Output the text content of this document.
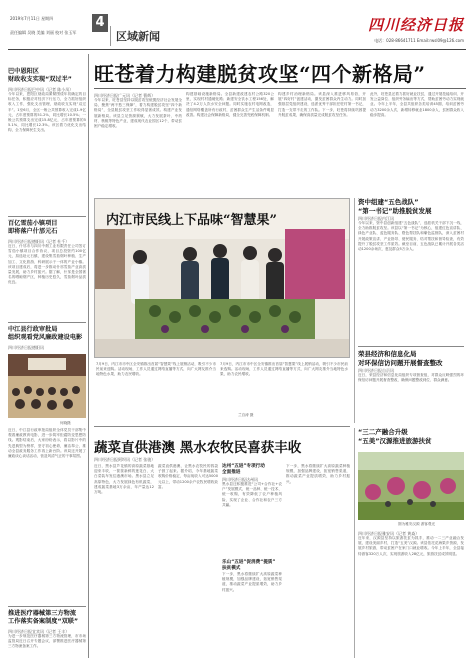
2019年7月11日 星期四
责任编辑 吴晓 美编 刘丽 校对 张玉军
4
区域新闻
四川经济日报
电话：028-86641711 Email:rwsl09@126.com
巴中恩阳区
财政收支实现“双过半”
四川经济日报巴中讯（记者 陈小凤）
今年以来，恩阳区财政局紧紧围绕年初确定的目标任务，积极应对经济下行压力，全力抓好组织收入工作，强化支出管理，财政收支实现“双过半”。1至6月，全区一般公共预算收入完成1.9亿元，占年度预算的51.2%，同比增长10.5%；一般公共预算支出完成15.8亿元，占年度预算的55.1%，同比增长12.3%。该区着力优化支出结构，全力保障民生支出。
百亿雪茄小镇项目
即将落户什邡元石
四川经济日报德阳讯（记者 杜千）
近日，什邡市与四川中烟工业有限责任公司签订雪茄小镇项目合作协议，项目总投资约100亿元，拟选址元石镇，建设集雪茄烟叶种植、生产加工、文化旅游、科研展示于一体的产业小镇。该项目建成后，将进一步推动什邡雪茄产业高质量发展，助力乡村振兴。据了解，什邡是全国著名的晒晾烟产区，种植历史悠久，雪茄烟叶品质优良。
中江县行政审批局
组织观看党风廉政建设电影
四川经济日报德阳讯
何晓摄
近日，中江县行政审批局组织全体党员干部集中观看廉政教育电影，进一步筑牢拒腐防变思想防线。观影结束后，大家纷纷表示，将以影片中的先进典型为榜样，坚守初心使命，廉洁奉公，推动全县政务服务工作再上新台阶。该局还开展了廉政谈心谈话活动，营造风清气正的干事氛围。
推进医疗器械第三方物流
工作落实备案制度“双联”
四川经济日报宜宾讯（记者 王丰）
为进一步规范医疗器械第三方物流管理，市市场监管局近日召开专题会议，部署推进医疗器械第三方物流备案工作。
旺苍着力构建脱贫攻坚“四个新格局”
四川经济日报广元讯（记者 曹辉）
今年以来，旺苍县坚持以脱贫攻坚统揽经济社会发展全局，聚焦“两不愁三保障”，着力构建脱贫攻坚“四个新格局”，全县脱贫攻坚工作取得显著成效。构建产业发展新格局。该县立足资源禀赋，大力发展茶叶、中药材、核桃等特色产业，建成现代农业园区12个，带动贫困户稳定增收。
构建基础设施新格局。全县新建改建农村公路320公里，实现村村通硬化路；新建安全饮水工程156处，解决了4.2万人饮水安全问题。同时实施农村电网改造，通信网络覆盖所有行政村，贫困群众生产生活条件明显改善。构建社会保障新格局，健全完善兜底保障机制。
构建乡村治理新格局。该县深入推进移风易俗，开展“四好村”创建活动，激发贫困群众内生动力。同时加强基层党组织建设，选派优秀干部担任驻村第一书记，打造一支带不走的工作队。下一步，旺苍将持续巩固提升脱贫成果，确保高质量完成脱贫攻坚任务。
此外，旺苍县还着力抓好就业扶贫，通过开展技能培训、开发公益岗位、组织劳务输出等方式，帮助贫困劳动力实现就业。今年上半年，全县共组织各类培训45期，培训贫困劳动力3200余人次，新增转移就业1800余人，贫困群众收入稳步提高。
内江市民线上下品味“智慧果”
7月9日，内江市市中区全安镇推出首届“智慧果”线上展销活动，吸引不少市民前来选购。活动现场，工作人员通过网络直播等方式，向广大网友推介当地特色水果，助力农民增收。
7月9日，内江市市中区全安镇推出首届“智慧果”线上展销活动，吸引不少市民前来选购。活动现场，工作人员通过网络直播等方式，向广大网友推介当地特色水果，助力农民增收。
兰自涛 摄
资中组建“五色战队”
“第一书记”助推脱贫发展
四川经济日报内江讯
今年以来，资中县创新组建“五色战队”，选派机关干部下沉一线，全力助推脱贫攻坚。该县以“第一书记”为核心，组建红色宣讲队、绿色产业队、蓝色服务队、橙色帮扶队和紫色监督队，深入贫困村开展政策宣讲、产业指导、便民服务、结对帮扶和督导检查，有效提升了脱贫攻坚工作质效。截至目前，五色战队已累计开展各类活动1200余场次，惠及群众5万余人。
荣县经济和信息化局
对环保信访问题开展督查整改
四川经济日报自贡讯
近日，荣县经济和信息化局组织专项督查组，对群众反映强烈的环保信访问题开展督查整改，确保问题整改到位、群众满意。
蔬菜直供港澳 黑水农牧民喜获丰收
四川经济日报阿坝讯（记者 张骏）
近日，黑水县芦花镇的高原蔬菜基地迎来丰收，一筐筐新鲜的莲花白、大白菜装车发往港澳市场。黑水县立足高原特色，大力发展绿色有机蔬菜，建成蔬菜基地3万余亩，年产量达12万吨。
蔬菜直供港澳，让黑水农牧民的钱袋子鼓了起来。据介绍，今年基地蔬菜收购价格稳定，每亩纯收入可达5000元以上，带动1200余户农牧民增收致富。
达州“五进”专项行动
全面推进
四川经济日报达州讯
黑水县还积极推进“公司+合作社+农户”发展模式，统一品种、统一技术、统一收购，有效降低了农户种植风险，实现了企业、合作社和农户三方共赢。
乐山“五进”促消费“提质”
扶贫模式
下一步，黑水将继续扩大高原蔬菜种植规模，加强品牌建设，拓宽销售渠道，推动蔬菜产业提质增效，助力乡村振兴。
下一步，黑水将继续扩大高原蔬菜种植规模，加强品牌建设，拓宽销售渠道，推动蔬菜产业提质增效，助力乡村振兴。
“三二产融合升级
“五美”汉源推进旅游扶贫
图为雅安汉源 游客观光
四川经济日报雅安讯（记者 黄焱）
近年来，汉源县坚持以旅游扶贫为抓手，推动一二三产业融合发展，建设美丽乡村，打造“五美”汉源。该县依托花海果乡资源，发展乡村旅游，带动贫困户在家门口就业增收。今年上半年，全县接待游客320万人次，实现旅游收入28亿元，旅游扶贫成效明显。
